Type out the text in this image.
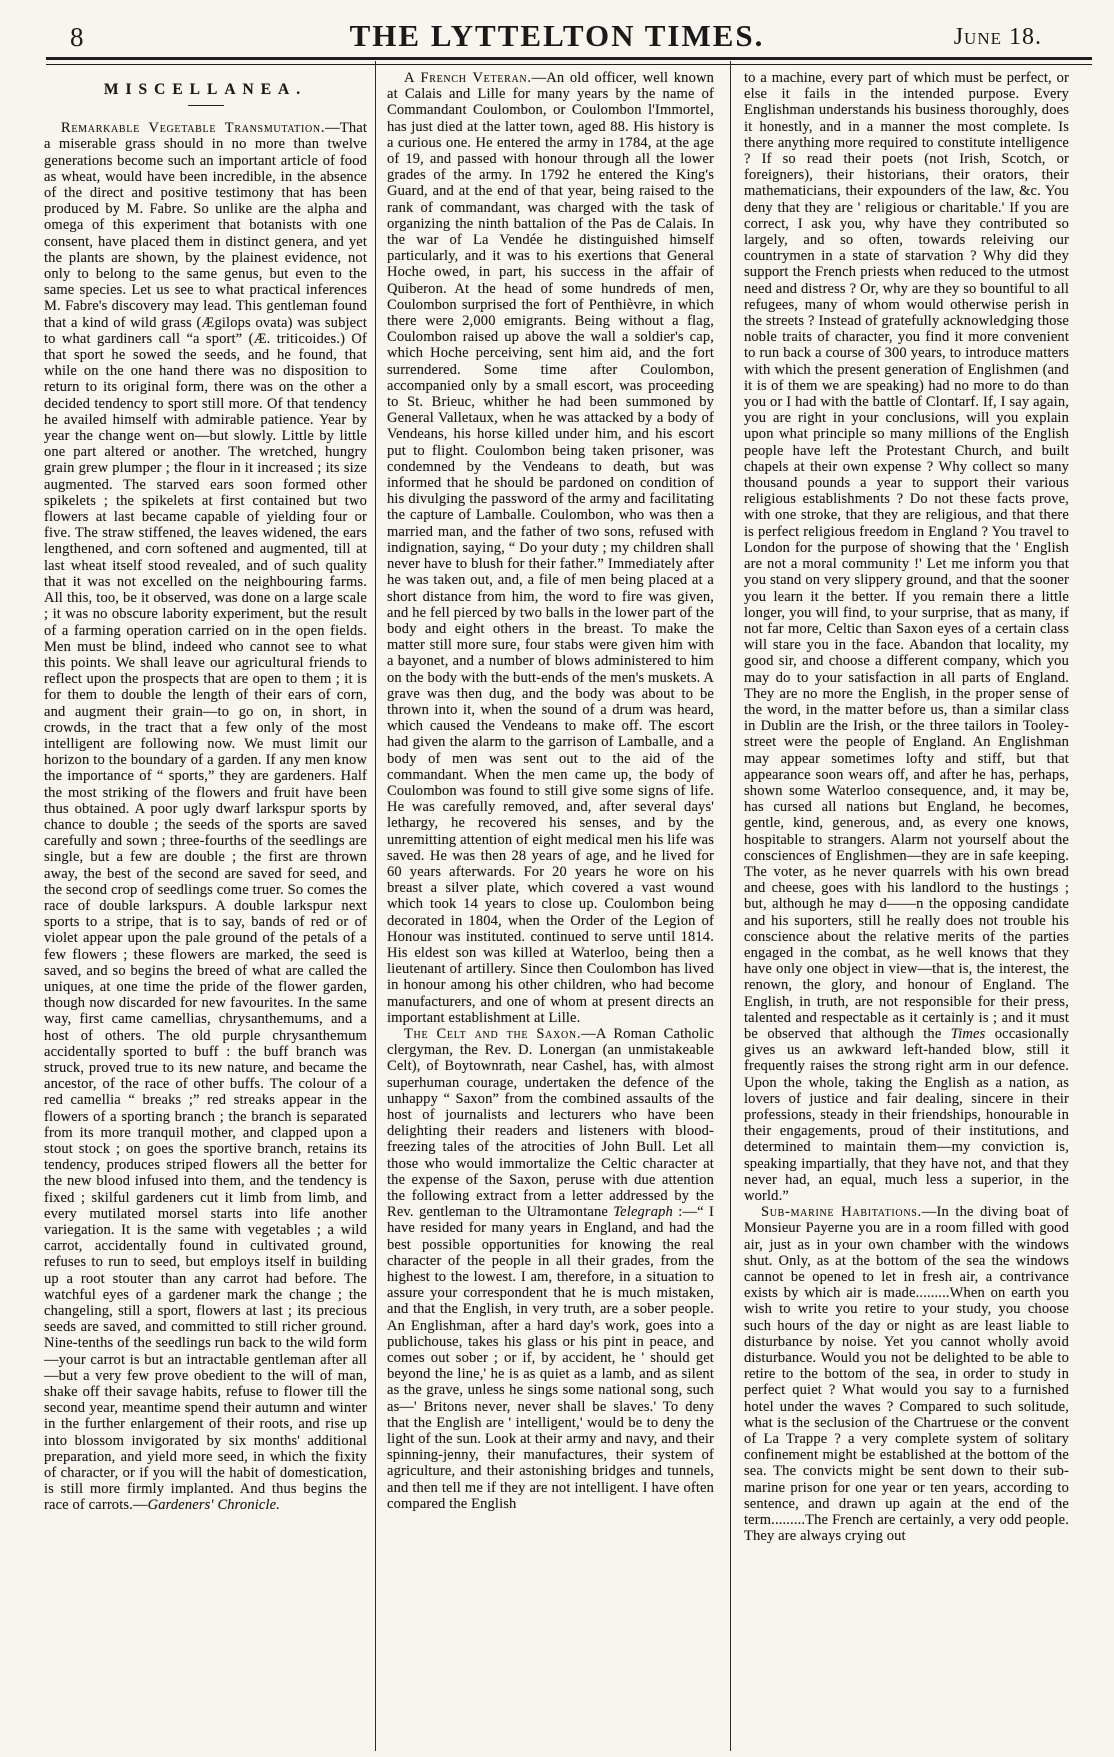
8	THE LYTTELTON TIMES.	June 18.
MISCELLANEA.

Remarkable Vegetable Transmutation.—That a miserable grass should in no more than twelve generations become such an important article of food as wheat, would have been incredible, in the absence of the direct and positive testimony that has been produced by M. Fabre. So unlike are the alpha and omega of this experiment that botanists with one consent, have placed them in distinct genera, and yet the plants are shown, by the plainest evidence, not only to belong to the same genus, but even to the same species. Let us see to what practical inferences M. Fabre's discovery may lead. This gentleman found that a kind of wild grass (Ægilops ovata) was subject to what gardiners call “a sport” (Æ. triticoides.) Of that sport he sowed the seeds, and he found, that while on the one hand there was no disposition to return to its original form, there was on the other a decided tendency to sport still more. Of that tendency he availed himself with admirable patience. Year by year the change went on—but slowly. Little by little one part altered or another. The wretched, hungry grain grew plumper ; the flour in it increased ; its size augmented. The starved ears soon formed other spikelets ; the spikelets at first contained but two flowers at last became capable of yielding four or five. The straw stiffened, the leaves widened, the ears lengthened, and corn softened and augmented, till at last wheat itself stood revealed, and of such quality that it was not excelled on the neighbouring farms. All this, too, be it observed, was done on a large scale ; it was no obscure labority experiment, but the result of a farming operation carried on in the open fields. Men must be blind, indeed who cannot see to what this points. We shall leave our agricultural friends to reflect upon the prospects that are open to them ; it is for them to double the length of their ears of corn, and augment their grain—to go on, in short, in crowds, in the tract that a few only of the most intelligent are following now. We must limit our horizon to the boundary of a garden. If any men know the importance of “ sports,” they are gardeners. Half the most striking of the flowers and fruit have been thus obtained. A poor ugly dwarf larkspur sports by chance to double ; the seeds of the sports are saved carefully and sown ; three-fourths of the seedlings are single, but a few are double ; the first are thrown away, the best of the second are saved for seed, and the second crop of seedlings come truer. So comes the race of double larkspurs. A double larkspur next sports to a stripe, that is to say, bands of red or of violet appear upon the pale ground of the petals of a few flowers ; these flowers are marked, the seed is saved, and so begins the breed of what are called the uniques, at one time the pride of the flower garden, though now discarded for new favourites. In the same way, first came camellias, chrysanthemums, and a host of others. The old purple chrysanthemum accidentally sported to buff : the buff branch was struck, proved true to its new nature, and became the ancestor, of the race of other buffs. The colour of a red camellia “ breaks ;” red streaks appear in the flowers of a sporting branch ; the branch is separated from its more tranquil mother, and clapped upon a stout stock ; on goes the sportive branch, retains its tendency, produces striped flowers all the better for the new blood infused into them, and the tendency is fixed ; skilful gardeners cut it limb from limb, and every mutilated morsel starts into life another variegation. It is the same with vegetables ; a wild carrot, accidentally found in cultivated ground, refuses to run to seed, but employs itself in building up a root stouter than any carrot had before. The watchful eyes of a gardener mark the change ; the changeling, still a sport, flowers at last ; its precious seeds are saved, and committed to still richer ground. Nine-tenths of the seedlings run back to the wild form—your carrot is but an intractable gentleman after all—but a very few prove obedient to the will of man, shake off their savage habits, refuse to flower till the second year, meantime spend their autumn and winter in the further enlargement of their roots, and rise up into blossom invigorated by six months' additional preparation, and yield more seed, in which the fixity of character, or if you will the habit of domestication, is still more firmly implanted. And thus begins the race of carrots.—Gardeners' Chronicle.

A French Veteran.—An old officer, well known at Calais and Lille for many years by the name of Commandant Coulombon, or Coulombon l'Immortel, has just died at the latter town, aged 88. His history is a curious one. He entered the army in 1784, at the age of 19, and passed with honour through all the lower grades of the army. In 1792 he entered the King's Guard, and at the end of that year, being raised to the rank of commandant, was charged with the task of organizing the ninth battalion of the Pas de Calais. In the war of La Vendée he distinguished himself particularly, and it was to his exertions that General Hoche owed, in part, his success in the affair of Quiberon. At the head of some hundreds of men, Coulombon surprised the fort of Penthièvre, in which there were 2,000 emigrants. Being without a flag, Coulombon raised up above the wall a soldier's cap, which Hoche perceiving, sent him aid, and the fort surrendered. Some time after Coulombon, accompanied only by a small escort, was proceeding to St. Brieuc, whither he had been summoned by General Valletaux, when he was attacked by a body of Vendeans, his horse killed under him, and his escort put to flight. Coulombon being taken prisoner, was condemned by the Vendeans to death, but was informed that he should be pardoned on condition of his divulging the password of the army and facilitating the capture of Lamballe. Coulombon, who was then a married man, and the father of two sons, refused with indignation, saying, “ Do your duty ; my children shall never have to blush for their father.” Immediately after he was taken out, and, a file of men being placed at a short distance from him, the word to fire was given, and he fell pierced by two balls in the lower part of the body and eight others in the breast. To make the matter still more sure, four stabs were given him with a bayonet, and a number of blows administered to him on the body with the butt-ends of the men's muskets. A grave was then dug, and the body was about to be thrown into it, when the sound of a drum was heard, which caused the Vendeans to make off. The escort had given the alarm to the garrison of Lamballe, and a body of men was sent out to the aid of the commandant. When the men came up, the body of Coulombon was found to still give some signs of life. He was carefully removed, and, after several days' lethargy, he recovered his senses, and by the unremitting attention of eight medical men his life was saved. He was then 28 years of age, and he lived for 60 years afterwards. For 20 years he wore on his breast a silver plate, which covered a vast wound which took 14 years to close up. Coulombon being decorated in 1804, when the Order of the Legion of Honour was instituted. continued to serve until 1814. His eldest son was killed at Waterloo, being then a lieutenant of artillery. Since then Coulombon has lived in honour among his other children, who had become manufacturers, and one of whom at present directs an important establishment at Lille.

The Celt and the Saxon.—A Roman Catholic clergyman, the Rev. D. Lonergan (an unmistakeable Celt), of Boytownrath, near Cashel, has, with almost superhuman courage, undertaken the defence of the unhappy “ Saxon” from the combined assaults of the host of journalists and lecturers who have been delighting their readers and listeners with blood-freezing tales of the atrocities of John Bull. Let all those who would immortalize the Celtic character at the expense of the Saxon, peruse with due attention the following extract from a letter addressed by the Rev. gentleman to the Ultramontane Telegraph :—“ I have resided for many years in England, and had the best possible opportunities for knowing the real character of the people in all their grades, from the highest to the lowest. I am, therefore, in a situation to assure your correspondent that he is much mistaken, and that the English, in very truth, are a sober people. An Englishman, after a hard day's work, goes into a publichouse, takes his glass or his pint in peace, and comes out sober ; or if, by accident, he ' should get beyond the line,' he is as quiet as a lamb, and as silent as the grave, unless he sings some national song, such as—' Britons never, never shall be slaves.' To deny that the English are ' intelligent,' would be to deny the light of the sun. Look at their army and navy, and their spinning-jenny, their manufactures, their system of agriculture, and their astonishing bridges and tunnels, and then tell me if they are not intelligent. I have often compared the English

to a machine, every part of which must be perfect, or else it fails in the intended purpose. Every Englishman understands his business thoroughly, does it honestly, and in a manner the most complete. Is there anything more required to constitute intelligence ? If so read their poets (not Irish, Scotch, or foreigners), their historians, their orators, their mathematicians, their expounders of the law, &c. You deny that they are ' religious or charitable.' If you are correct, I ask you, why have they contributed so largely, and so often, towards releiving our countrymen in a state of starvation ? Why did they support the French priests when reduced to the utmost need and distress ? Or, why are they so bountiful to all refugees, many of whom would otherwise perish in the streets ? Instead of gratefully acknowledging those noble traits of character, you find it more convenient to run back a course of 300 years, to introduce matters with which the present generation of Englishmen (and it is of them we are speaking) had no more to do than you or I had with the battle of Clontarf. If, I say again, you are right in your conclusions, will you explain upon what principle so many millions of the English people have left the Protestant Church, and built chapels at their own expense ? Why collect so many thousand pounds a year to support their various religious establishments ? Do not these facts prove, with one stroke, that they are religious, and that there is perfect religious freedom in England ? You travel to London for the purpose of showing that the ' English are not a moral community !' Let me inform you that you stand on very slippery ground, and that the sooner you learn it the better. If you remain there a little longer, you will find, to your surprise, that as many, if not far more, Celtic than Saxon eyes of a certain class will stare you in the face. Abandon that locality, my good sir, and choose a different company, which you may do to your satisfaction in all parts of England. They are no more the English, in the proper sense of the word, in the matter before us, than a similar class in Dublin are the Irish, or the three tailors in Tooley-street were the people of England. An Englishman may appear sometimes lofty and stiff, but that appearance soon wears off, and after he has, perhaps, shown some Waterloo consequence, and, it may be, has cursed all nations but England, he becomes, gentle, kind, generous, and, as every one knows, hospitable to strangers. Alarm not yourself about the consciences of Englishmen—they are in safe keeping. The voter, as he never quarrels with his own bread and cheese, goes with his landlord to the hustings ; but, although he may d——n the opposing candidate and his suporters, still he really does not trouble his conscience about the relative merits of the parties engaged in the combat, as he well knows that they have only one object in view—that is, the interest, the renown, the glory, and honour of England. The English, in truth, are not responsible for their press, talented and respectable as it certainly is ; and it must be observed that although the Times occasionally gives us an awkward left-handed blow, still it frequently raises the strong right arm in our defence. Upon the whole, taking the English as a nation, as lovers of justice and fair dealing, sincere in their professions, steady in their friendships, honourable in their engagements, proud of their institutions, and determined to maintain them—my conviction is, speaking impartially, that they have not, and that they never had, an equal, much less a superior, in the world.”

Sub-marine Habitations.—In the diving boat of Monsieur Payerne you are in a room filled with good air, just as in your own chamber with the windows shut. Only, as at the bottom of the sea the windows cannot be opened to let in fresh air, a contrivance exists by which air is made.........When on earth you wish to write you retire to your study, you choose such hours of the day or night as are least liable to disturbance by noise. Yet you cannot wholly avoid disturbance. Would you not be delighted to be able to retire to the bottom of the sea, in order to study in perfect quiet ? What would you say to a furnished hotel under the waves ? Compared to such solitude, what is the seclusion of the Chartruese or the convent of La Trappe ? a very complete system of solitary confinement might be established at the bottom of the sea. The convicts might be sent down to their sub-marine prison for one year or ten years, according to sentence, and drawn up again at the end of the term.........The French are certainly, a very odd people. They are always crying out
